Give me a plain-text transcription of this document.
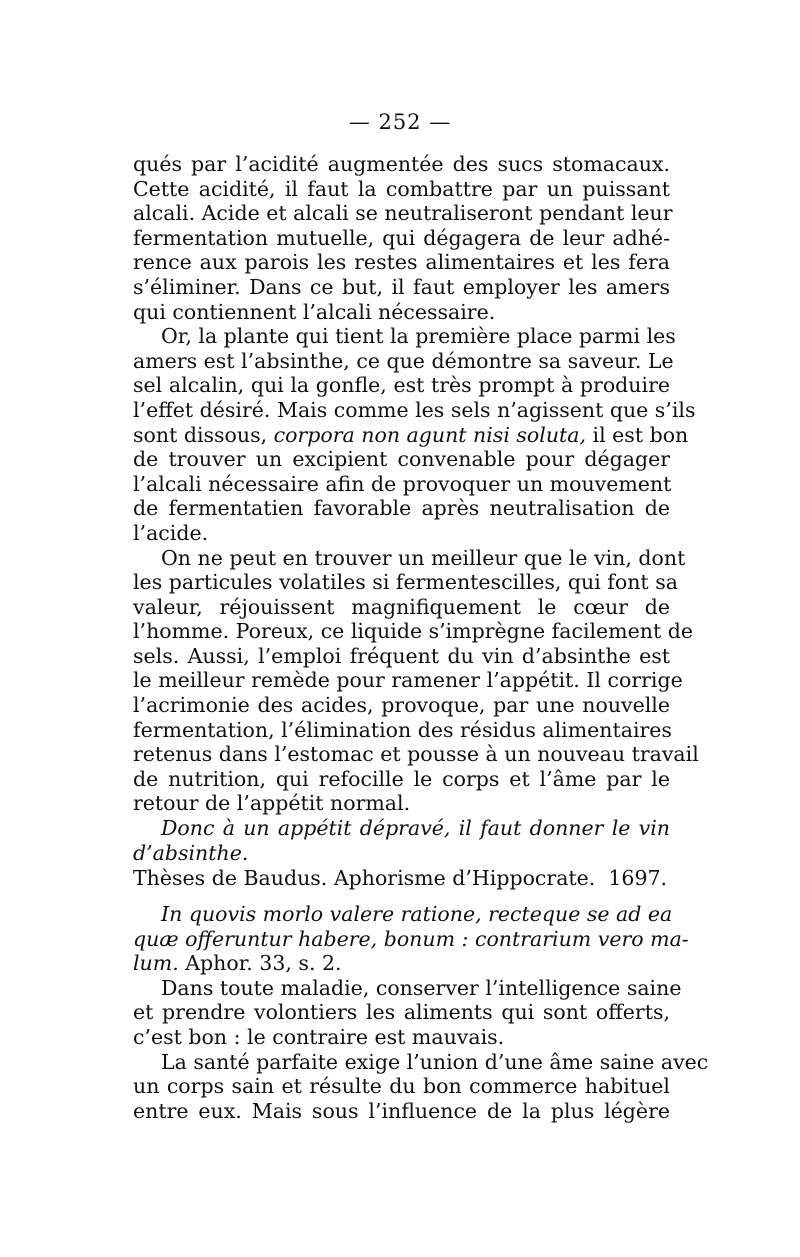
— 252 —
qués par l’acidité augmentée des sucs stomacaux.
Cette acidité, il faut la combattre par un puissant
alcali. Acide et alcali se neutraliseront pendant leur
fermentation mutuelle, qui dégagera de leur adhé-
rence aux parois les restes alimentaires et les fera
s’éliminer. Dans ce but, il faut employer les amers
qui contiennent l’alcali nécessaire.
Or, la plante qui tient la première place parmi les
amers est l’absinthe, ce que démontre sa saveur. Le
sel alcalin, qui la gonfle, est très prompt à produire
l’effet désiré. Mais comme les sels n’agissent que s’ils
sont dissous, corpora non agunt nisi soluta, il est bon
de trouver un excipient convenable pour dégager
l’alcali nécessaire afin de provoquer un mouvement
de fermentatien favorable après neutralisation de
l’acide.
On ne peut en trouver un meilleur que le vin, dont
les particules volatiles si fermentescilles, qui font sa
valeur, réjouissent magnifiquement le cœur de
l’homme. Poreux, ce liquide s’imprègne facilement de
sels. Aussi, l’emploi fréquent du vin d’absinthe est
le meilleur remède pour ramener l’appétit. Il corrige
l’acrimonie des acides, provoque, par une nouvelle
fermentation, l’élimination des résidus alimentaires
retenus dans l’estomac et pousse à un nouveau travail
de nutrition, qui refocille le corps et l’âme par le
retour de l’appétit normal.
Donc à un appétit dépravé, il faut donner le vin
d’absinthe.
Thèses de Baudus. Aphorisme d’Hippocrate.  1697.
In quovis morlo valere ratione, recteque se ad ea
quæ offeruntur habere, bonum : contrarium vero ma-
lum. Aphor. 33, s. 2.
Dans toute maladie, conserver l’intelligence saine
et prendre volontiers les aliments qui sont offerts,
c’est bon : le contraire est mauvais.
La santé parfaite exige l’union d’une âme saine avec
un corps sain et résulte du bon commerce habituel
entre eux. Mais sous l’influence de la plus légère
